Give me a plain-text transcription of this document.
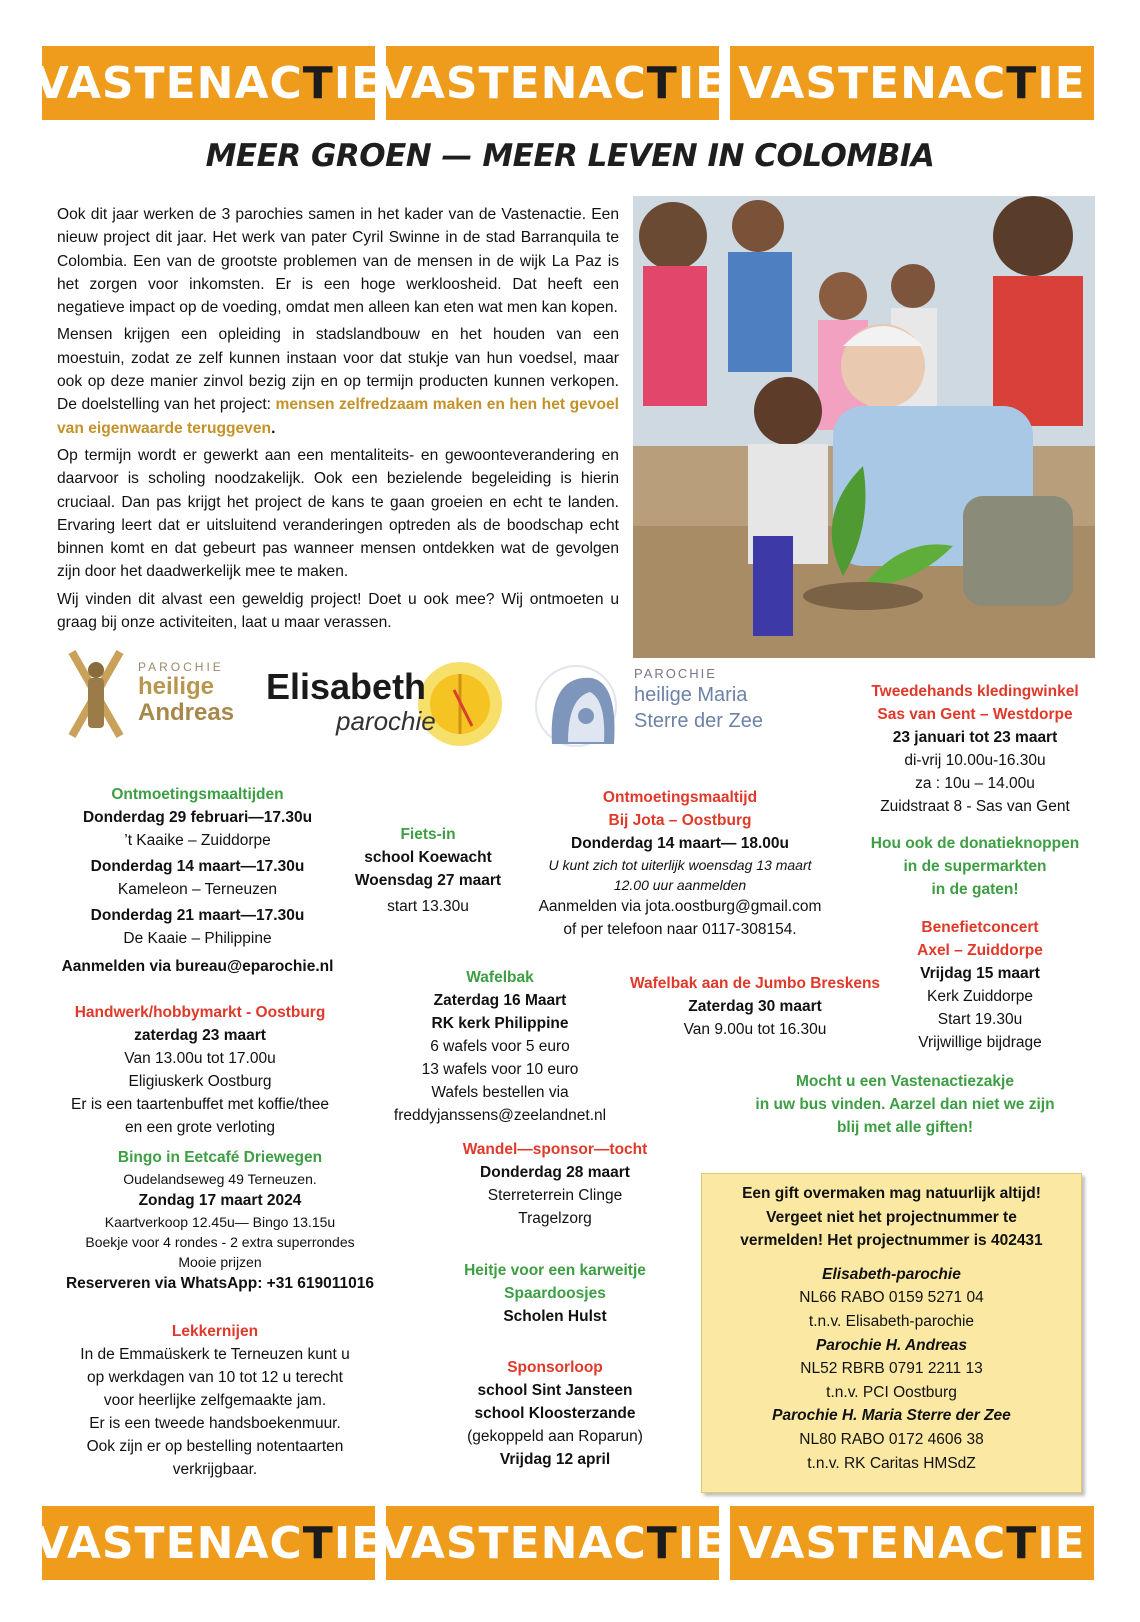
VASTENAC T IE
VASTENAC T IE VASTENAC T IE
MEER GROEN — MEER LEVEN IN COLOMBIA

Ook dit jaar werken de 3 parochies samen in het kader van de Vastenactie. Een nieuw project dit jaar. Het werk van pater Cyril Swinne in de stad Barranquila te Colombia. Een van de grootste problemen van de mensen in de wijk La Paz is het zorgen voor inkomsten. Er is een hoge werkloosheid. Dat heeft een negatieve impact op de voeding, omdat men alleen kan eten wat men kan kopen.

Mensen krijgen een opleiding in stadslandbouw en het houden van een moestuin, zodat ze zelf kunnen instaan voor dat stukje van hun voedsel, maar ook op deze manier zinvol bezig zijn en op termijn producten kunnen verkopen. De doelstelling van het project: mensen zelfredzaam maken en hen het gevoel van eigenwaarde teruggeven.

Op termijn wordt er gewerkt aan een mentaliteits- en gewoonteverandering en daarvoor is scholing noodzakelijk. Ook een bezielende begeleiding is hierin cruciaal. Dan pas krijgt het project de kans te gaan groeien en echt te landen. Ervaring leert dat er uitsluitend veranderingen optreden als de boodschap echt binnen komt en dat gebeurt pas wanneer mensen ontdekken wat de gevolgen zijn door het daadwerkelijk mee te maken.

Wij vinden dit alvast een geweldig project! Doet u ook mee? Wij ontmoeten u graag bij onze activiteiten, laat u maar verassen.

PAROCHIE
heilige
Andreas
Elisabeth
parochie
PAROCHIE
heilige Maria
Sterre der Zee
Ontmoetingsmaaltijden
Donderdag 29 februari—17.30u
’t Kaaike – Zuiddorpe
Donderdag 14 maart—17.30u
Kameleon – Terneuzen
Donderdag 21 maart—17.30u
De Kaaie – Philippine
Aanmelden via bureau@eparochie.nl
Fiets-in
school Koewacht
Woensdag 27 maart
start 13.30u
Ontmoetingsmaaltijd
Bij Jota – Oostburg
Donderdag 14 maart— 18.00u
U kunt zich tot uiterlijk woensdag 13 maart
12.00 uur aanmelden
Aanmelden via jota.oostburg@gmail.com
of per telefoon naar 0117-308154.
Tweedehands kledingwinkel
Sas van Gent – Westdorpe
23 januari tot 23 maart
di-vrij 10.00u-16.30u
za : 10u – 14.00u
Zuidstraat 8 - Sas van Gent
Hou ook de donatieknoppen
in de supermarkten
in de gaten!
Benefietconcert
Axel – Zuiddorpe
Vrijdag 15 maart
Kerk Zuiddorpe
Start 19.30u
Vrijwillige bijdrage
Wafelbak
Zaterdag 16 Maart
RK kerk Philippine
6 wafels voor 5 euro
13 wafels voor 10 euro
Wafels bestellen via
freddyjanssens@zeelandnet.nl
Wafelbak aan de Jumbo Breskens
Zaterdag 30 maart
Van 9.00u tot 16.30u
Handwerk/hobbymarkt - Oostburg
zaterdag 23 maart
Van 13.00u tot 17.00u
Eligiuskerk Oostburg
Er is een taartenbuffet met koffie/thee
en een grote verloting
Mocht u een Vastenactiezakje
in uw bus vinden. Aarzel dan niet we zijn
blij met alle giften!
Bingo in Eetcafé Driewegen
Oudelandseweg 49 Terneuzen.
Zondag 17 maart 2024
Kaartverkoop 12.45u— Bingo 13.15u
Boekje voor 4 rondes - 2 extra superrondes
Mooie prijzen
Reserveren via WhatsApp: +31 619011016
Wandel—sponsor—tocht
Donderdag 28 maart
Sterreterrein Clinge
Tragelzorg
Heitje voor een karweitje
Spaardoosjes
Scholen Hulst
Sponsorloop
school Sint Jansteen
school Kloosterzande
(gekoppeld aan Roparun)
Vrijdag 12 april
Lekkernijen
In de Emmaüskerk te Terneuzen kunt u
op werkdagen van 10 tot 12 u terecht
voor heerlijke zelfgemaakte jam.
Er is een tweede handsboekenmuur.
Ook zijn er op bestelling notentaarten
verkrijgbaar.
Een gift overmaken mag natuurlijk altijd!
Vergeet niet het projectnummer te
vermelden! Het projectnummer is 402431
Elisabeth-parochie
NL66 RABO 0159 5271 04
t.n.v. Elisabeth-parochie
Parochie H. Andreas
NL52 RBRB 0791 2211 13
t.n.v. PCI Oostburg
Parochie H. Maria Sterre der Zee
NL80 RABO 0172 4606 38
t.n.v. RK Caritas HMSdZ
VASTENAC T IE
VASTENAC T IE VASTENAC T IE
